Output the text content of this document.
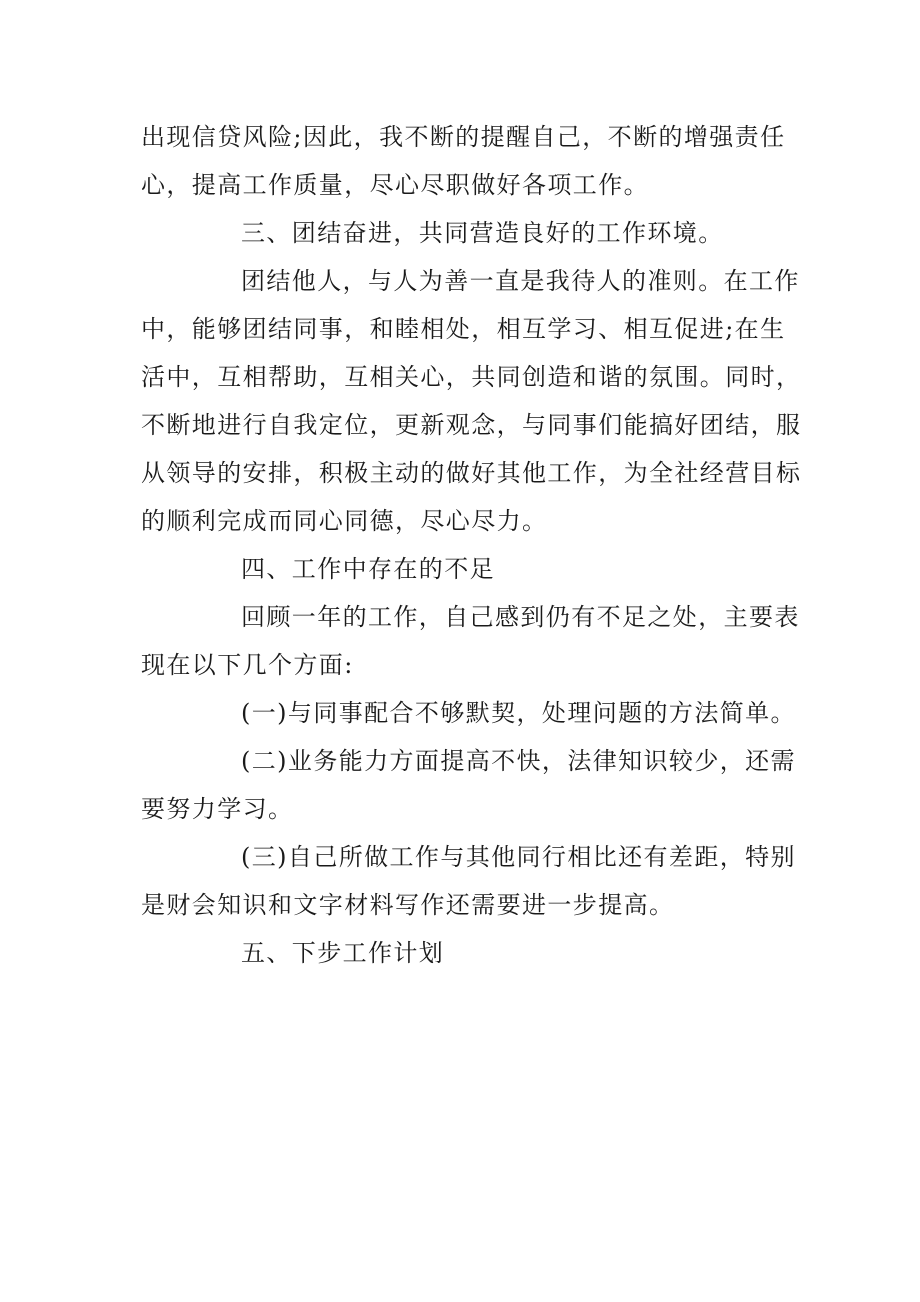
出现信贷风险;因此，我不断的提醒自己，不断的增强责任
心，提高工作质量，尽心尽职做好各项工作。
三、团结奋进，共同营造良好的工作环境。
团结他人，与人为善一直是我待人的准则。在工作
中，能够团结同事，和睦相处，相互学习、相互促进;在生
活中，互相帮助，互相关心，共同创造和谐的氛围。同时，
不断地进行自我定位，更新观念，与同事们能搞好团结，服
从领导的安排，积极主动的做好其他工作，为全社经营目标
的顺利完成而同心同德，尽心尽力。
四、工作中存在的不足
回顾一年的工作，自己感到仍有不足之处，主要表
现在以下几个方面:
(一)与同事配合不够默契，处理问题的方法简单。
(二)业务能力方面提高不快，法律知识较少，还需
要努力学习。
(三)自己所做工作与其他同行相比还有差距，特别
是财会知识和文字材料写作还需要进一步提高。
五、下步工作计划
